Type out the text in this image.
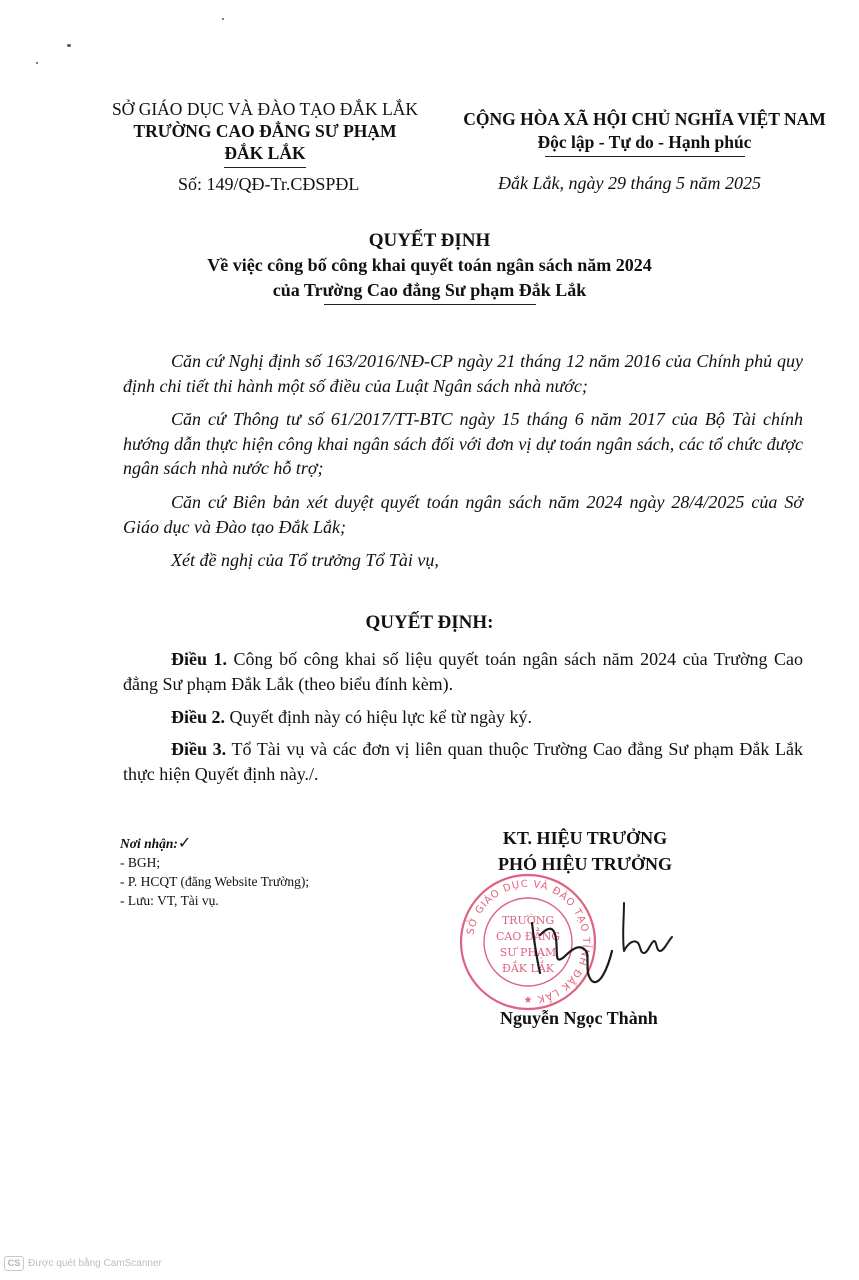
SỞ GIÁO DỤC VÀ ĐÀO TẠO ĐẮK LẮK
TRƯỜNG CAO ĐẲNG SƯ PHẠM
ĐẮK LẮK
CỘNG HÒA XÃ HỘI CHỦ NGHĨA VIỆT NAM
Độc lập - Tự do - Hạnh phúc
Số: 149/QĐ-Tr.CĐSPĐL	Đắk Lắk, ngày 29 tháng 5 năm 2025
QUYẾT ĐỊNH
Về việc công bố công khai quyết toán ngân sách năm 2024
của Trường Cao đẳng Sư phạm Đắk Lắk
Căn cứ Nghị định số 163/2016/NĐ-CP ngày 21 tháng 12 năm 2016 của Chính phủ quy định chi tiết thi hành một số điều của Luật Ngân sách nhà nước;
Căn cứ Thông tư số 61/2017/TT-BTC ngày 15 tháng 6 năm 2017 của Bộ Tài chính hướng dẫn thực hiện công khai ngân sách đối với đơn vị dự toán ngân sách, các tổ chức được ngân sách nhà nước hỗ trợ;
Căn cứ Biên bản xét duyệt quyết toán ngân sách năm 2024 ngày 28/4/2025 của Sở Giáo dục và Đào tạo Đắk Lắk;
Xét đề nghị của Tổ trưởng Tổ Tài vụ,
QUYẾT ĐỊNH:
Điều 1. Công bố công khai số liệu quyết toán ngân sách năm 2024 của Trường Cao đẳng Sư phạm Đắk Lắk (theo biểu đính kèm).
Điều 2. Quyết định này có hiệu lực kể từ ngày ký.
Điều 3. Tổ Tài vụ và các đơn vị liên quan thuộc Trường Cao đẳng Sư phạm Đắk Lắk thực hiện Quyết định này./.
Nơi nhận:✓
- BGH;
- P. HCQT (đăng Website Trường);
- Lưu: VT, Tài vụ.
KT. HIỆU TRƯỞNG
PHÓ HIỆU TRƯỞNG
SỞ GIÁO DỤC VÀ ĐÀO TẠO TỈNH ĐẮK LẮK
TRƯỜNG
CAO ĐẲNG
SƯ PHẠM
ĐẮK LẮK
★
Nguyễn Ngọc Thành
CS Được quét bằng CamScanner
